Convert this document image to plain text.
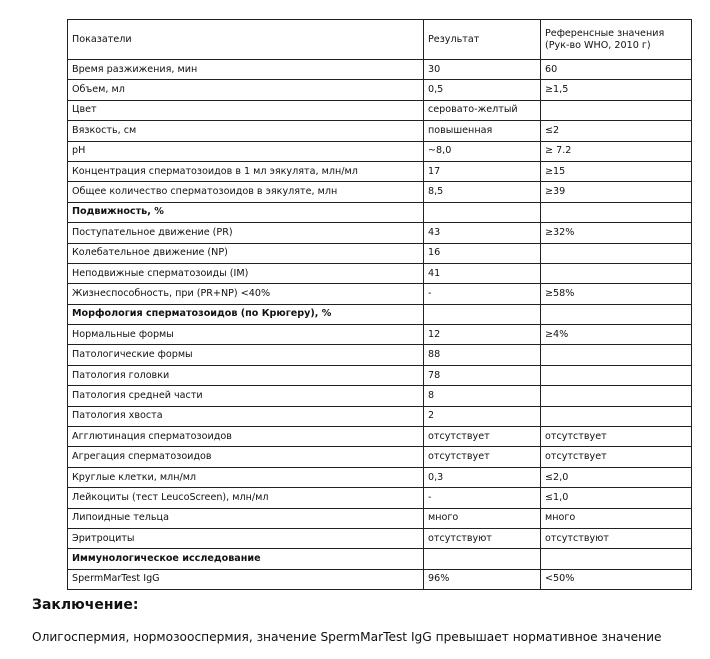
Показатели	Результат	Референсные значения
(Рук-во WHO, 2010 г)

Время разжижения, мин	30	60
Объем, мл	0,5	≥1,5
Цвет	серовато-желтый	
Вязкость, см	повышенная	≤2
pH	~8,0	≥ 7.2
Концентрация сперматозоидов в 1 мл эякулята, млн/мл	17	≥15
Общее количество сперматозоидов в эякуляте, млн	8,5	≥39
Подвижность, %		
Поступательное движение (PR)	43	≥32%
Колебательное движение (NP)	16	
Неподвижные сперматозоиды (IM)	41	
Жизнеспособность, при (PR+NP) <40%	-	≥58%
Морфология сперматозоидов (по Крюгеру), %		
Нормальные формы	12	≥4%
Патологические формы	88	
Патология головки	78	
Патология средней части	8	
Патология хвоста	2	
Агглютинация сперматозоидов	отсутствует	отсутствует
Агрегация сперматозоидов	отсутствует	отсутствует
Круглые клетки, млн/мл	0,3	≤2,0
Лейкоциты (тест LeucoScreen), млн/мл	-	≤1,0
Липоидные тельца	много	много
Эритроциты	отсутствуют	отсутствуют
Иммунологическое исследование		
SpermMarTest IgG	96%	<50%
Заключение:

Олигоспермия, нормозооспермия, значение SpermMarTest IgG превышает нормативное значение
